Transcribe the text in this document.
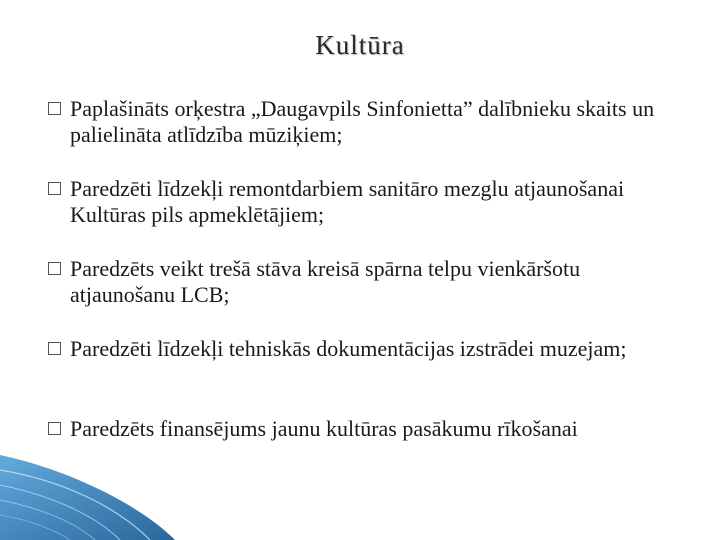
Kultūra
Paplašināts orķestra „Daugavpils Sinfonietta” dalībnieku skaits un palielināta atlīdzība mūziķiem;
Paredzēti līdzekļi remontdarbiem sanitāro mezglu atjaunošanai Kultūras pils apmeklētājiem;
Paredzēts veikt trešā stāva kreisā spārna telpu vienkāršotu atjaunošanu LCB;
Paredzēti līdzekļi tehniskās dokumentācijas izstrādei muzejam;
Paredzēts finansējums jaunu kultūras pasākumu rīkošanai
